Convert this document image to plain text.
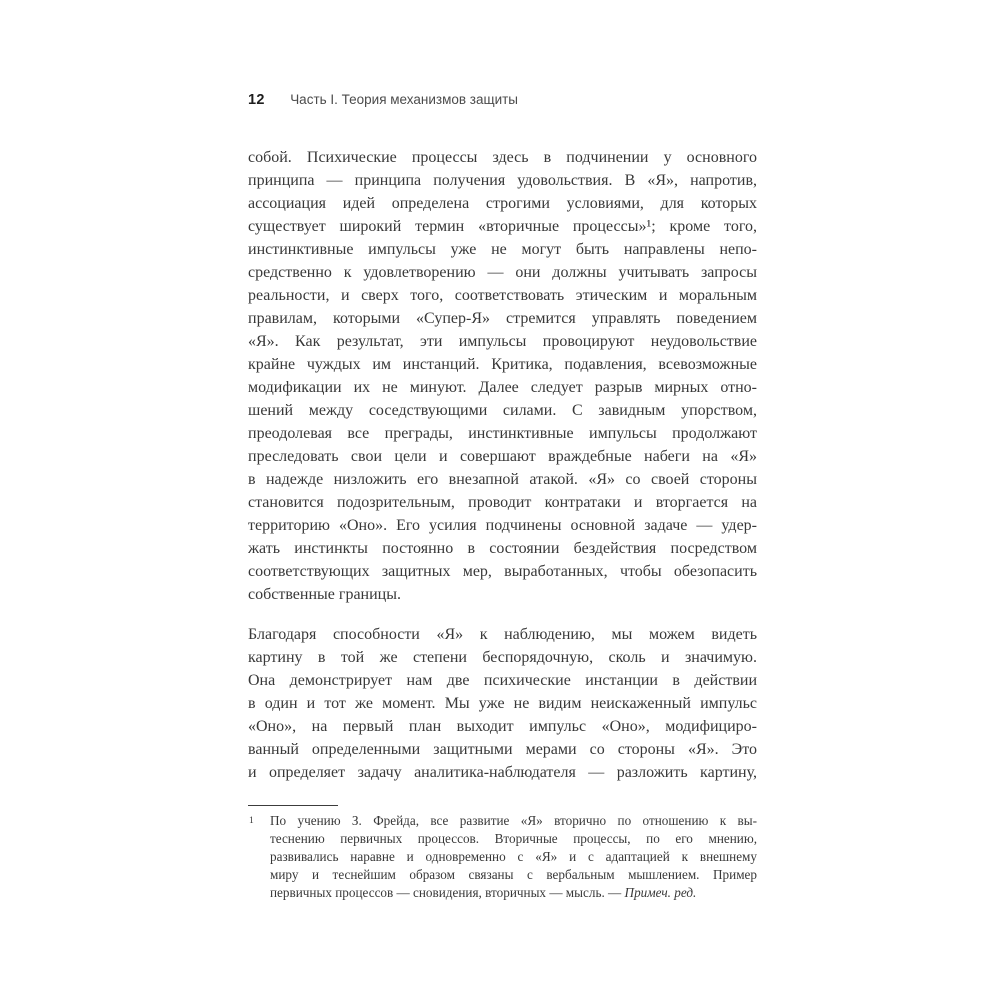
12 Часть I. Теория механизмов защиты
собой. Психические процессы здесь в подчинении у основного
принципа — принципа получения удовольствия. В «Я», напротив,
ассоциация идей определена строгими условиями, для которых
существует широкий термин «вторичные процессы»¹; кроме того,
инстинктивные импульсы уже не могут быть направлены непо-
средственно к удовлетворению — они должны учитывать запросы
реальности, и сверх того, соответствовать этическим и моральным
правилам, которыми «Супер-Я» стремится управлять поведением
«Я». Как результат, эти импульсы провоцируют неудовольствие
крайне чуждых им инстанций. Критика, подавления, всевозможные
модификации их не минуют. Далее следует разрыв мирных отно-
шений между соседствующими силами. С завидным упорством,
преодолевая все преграды, инстинктивные импульсы продолжают
преследовать свои цели и совершают враждебные набеги на «Я»
в надежде низложить его внезапной атакой. «Я» со своей стороны
становится подозрительным, проводит контратаки и вторгается на
территорию «Оно». Его усилия подчинены основной задаче — удер-
жать инстинкты постоянно в состоянии бездействия посредством
соответствующих защитных мер, выработанных, чтобы обезопасить
собственные границы.
Благодаря способности «Я» к наблюдению, мы можем видеть
картину в той же степени беспорядочную, сколь и значимую.
Она демонстрирует нам две психические инстанции в действии
в один и тот же момент. Мы уже не видим неискаженный импульс
«Оно», на первый план выходит импульс «Оно», модифициро-
ванный определенными защитными мерами со стороны «Я». Это
и определяет задачу аналитика-наблюдателя — разложить картину,
1 По учению З. Фрейда, все развитие «Я» вторично по отношению к вы-
теснению первичных процессов. Вторичные процессы, по его мнению,
развивались наравне и одновременно с «Я» и с адаптацией к внешнему
миру и теснейшим образом связаны с вербальным мышлением. Пример
первичных процессов — сновидения, вторичных — мысль. — Примеч. ред.
